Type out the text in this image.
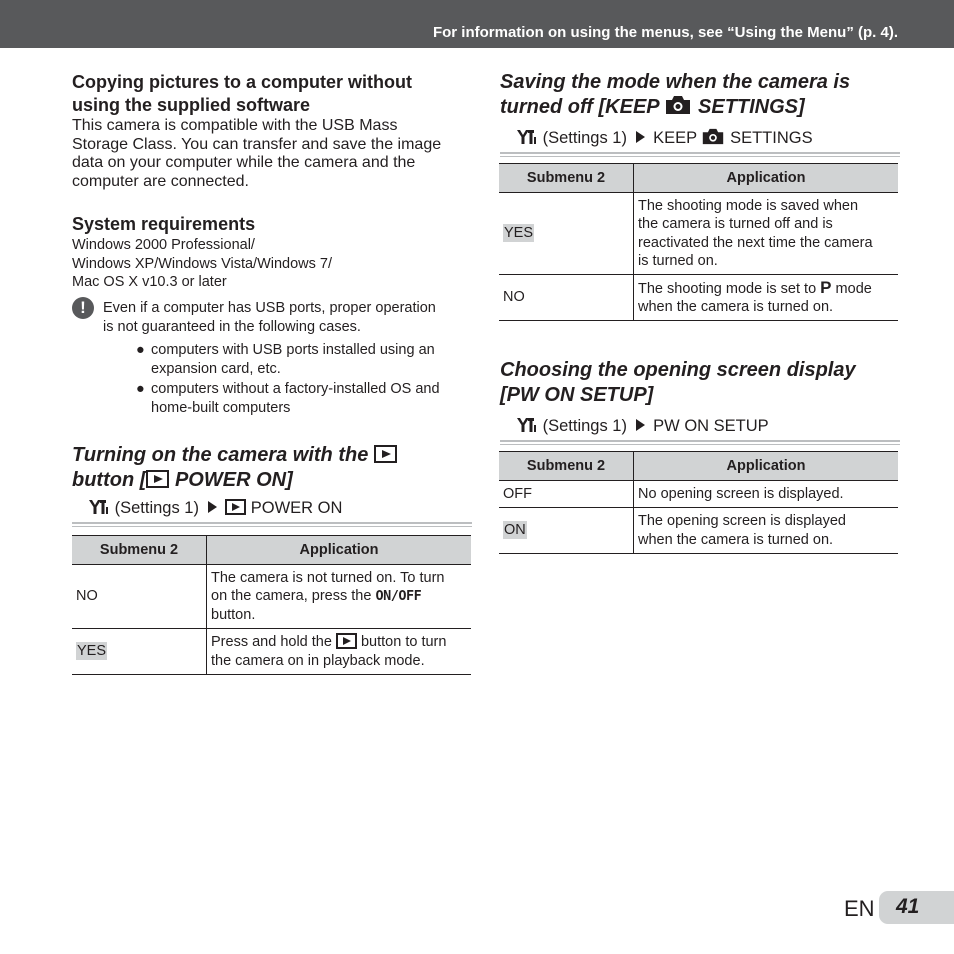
For information on using the menus, see “Using the Menu” (p. 4).

Copying pictures to a computer without

using the supplied software

This camera is compatible with the USB Mass

Storage Class. You can transfer and save the image

data on your computer while the camera and the

computer are connected.

System requirements

Windows 2000 Professional/

Windows XP/Windows Vista/Windows 7/

Mac OS X v10.3 or later

!	Even if a computer has USB ports, proper operation

is not guaranteed in the following cases.

● computers with USB ports installed using an
expansion card, etc.
● computers without a factory-installed OS and
home-built computers

Turning on the camera with the

button [ POWER ON]

(Settings 1)	POWER ON
Submenu 2	Application
NO	The camera is not turned on. To turn
on the camera, press the ON/OFF
button.

YES	Press and hold the button to turn
the camera on in playback mode.

Saving the mode when the camera is

turned off [KEEP SETTINGS]

(Settings 1) KEEP SETTINGS
Submenu 2	Application
YES	The shooting mode is saved when
the camera is turned off and is
reactivated the next time the camera
is turned on.

NO	The shooting mode is set to P mode
when the camera is turned on.

Choosing the opening screen display

[PW ON SETUP]

(Settings 1) PW ON SETUP
Submenu 2	Application
OFF	No opening screen is displayed.

ON	The opening screen is displayed
when the camera is turned on.
EN 41
